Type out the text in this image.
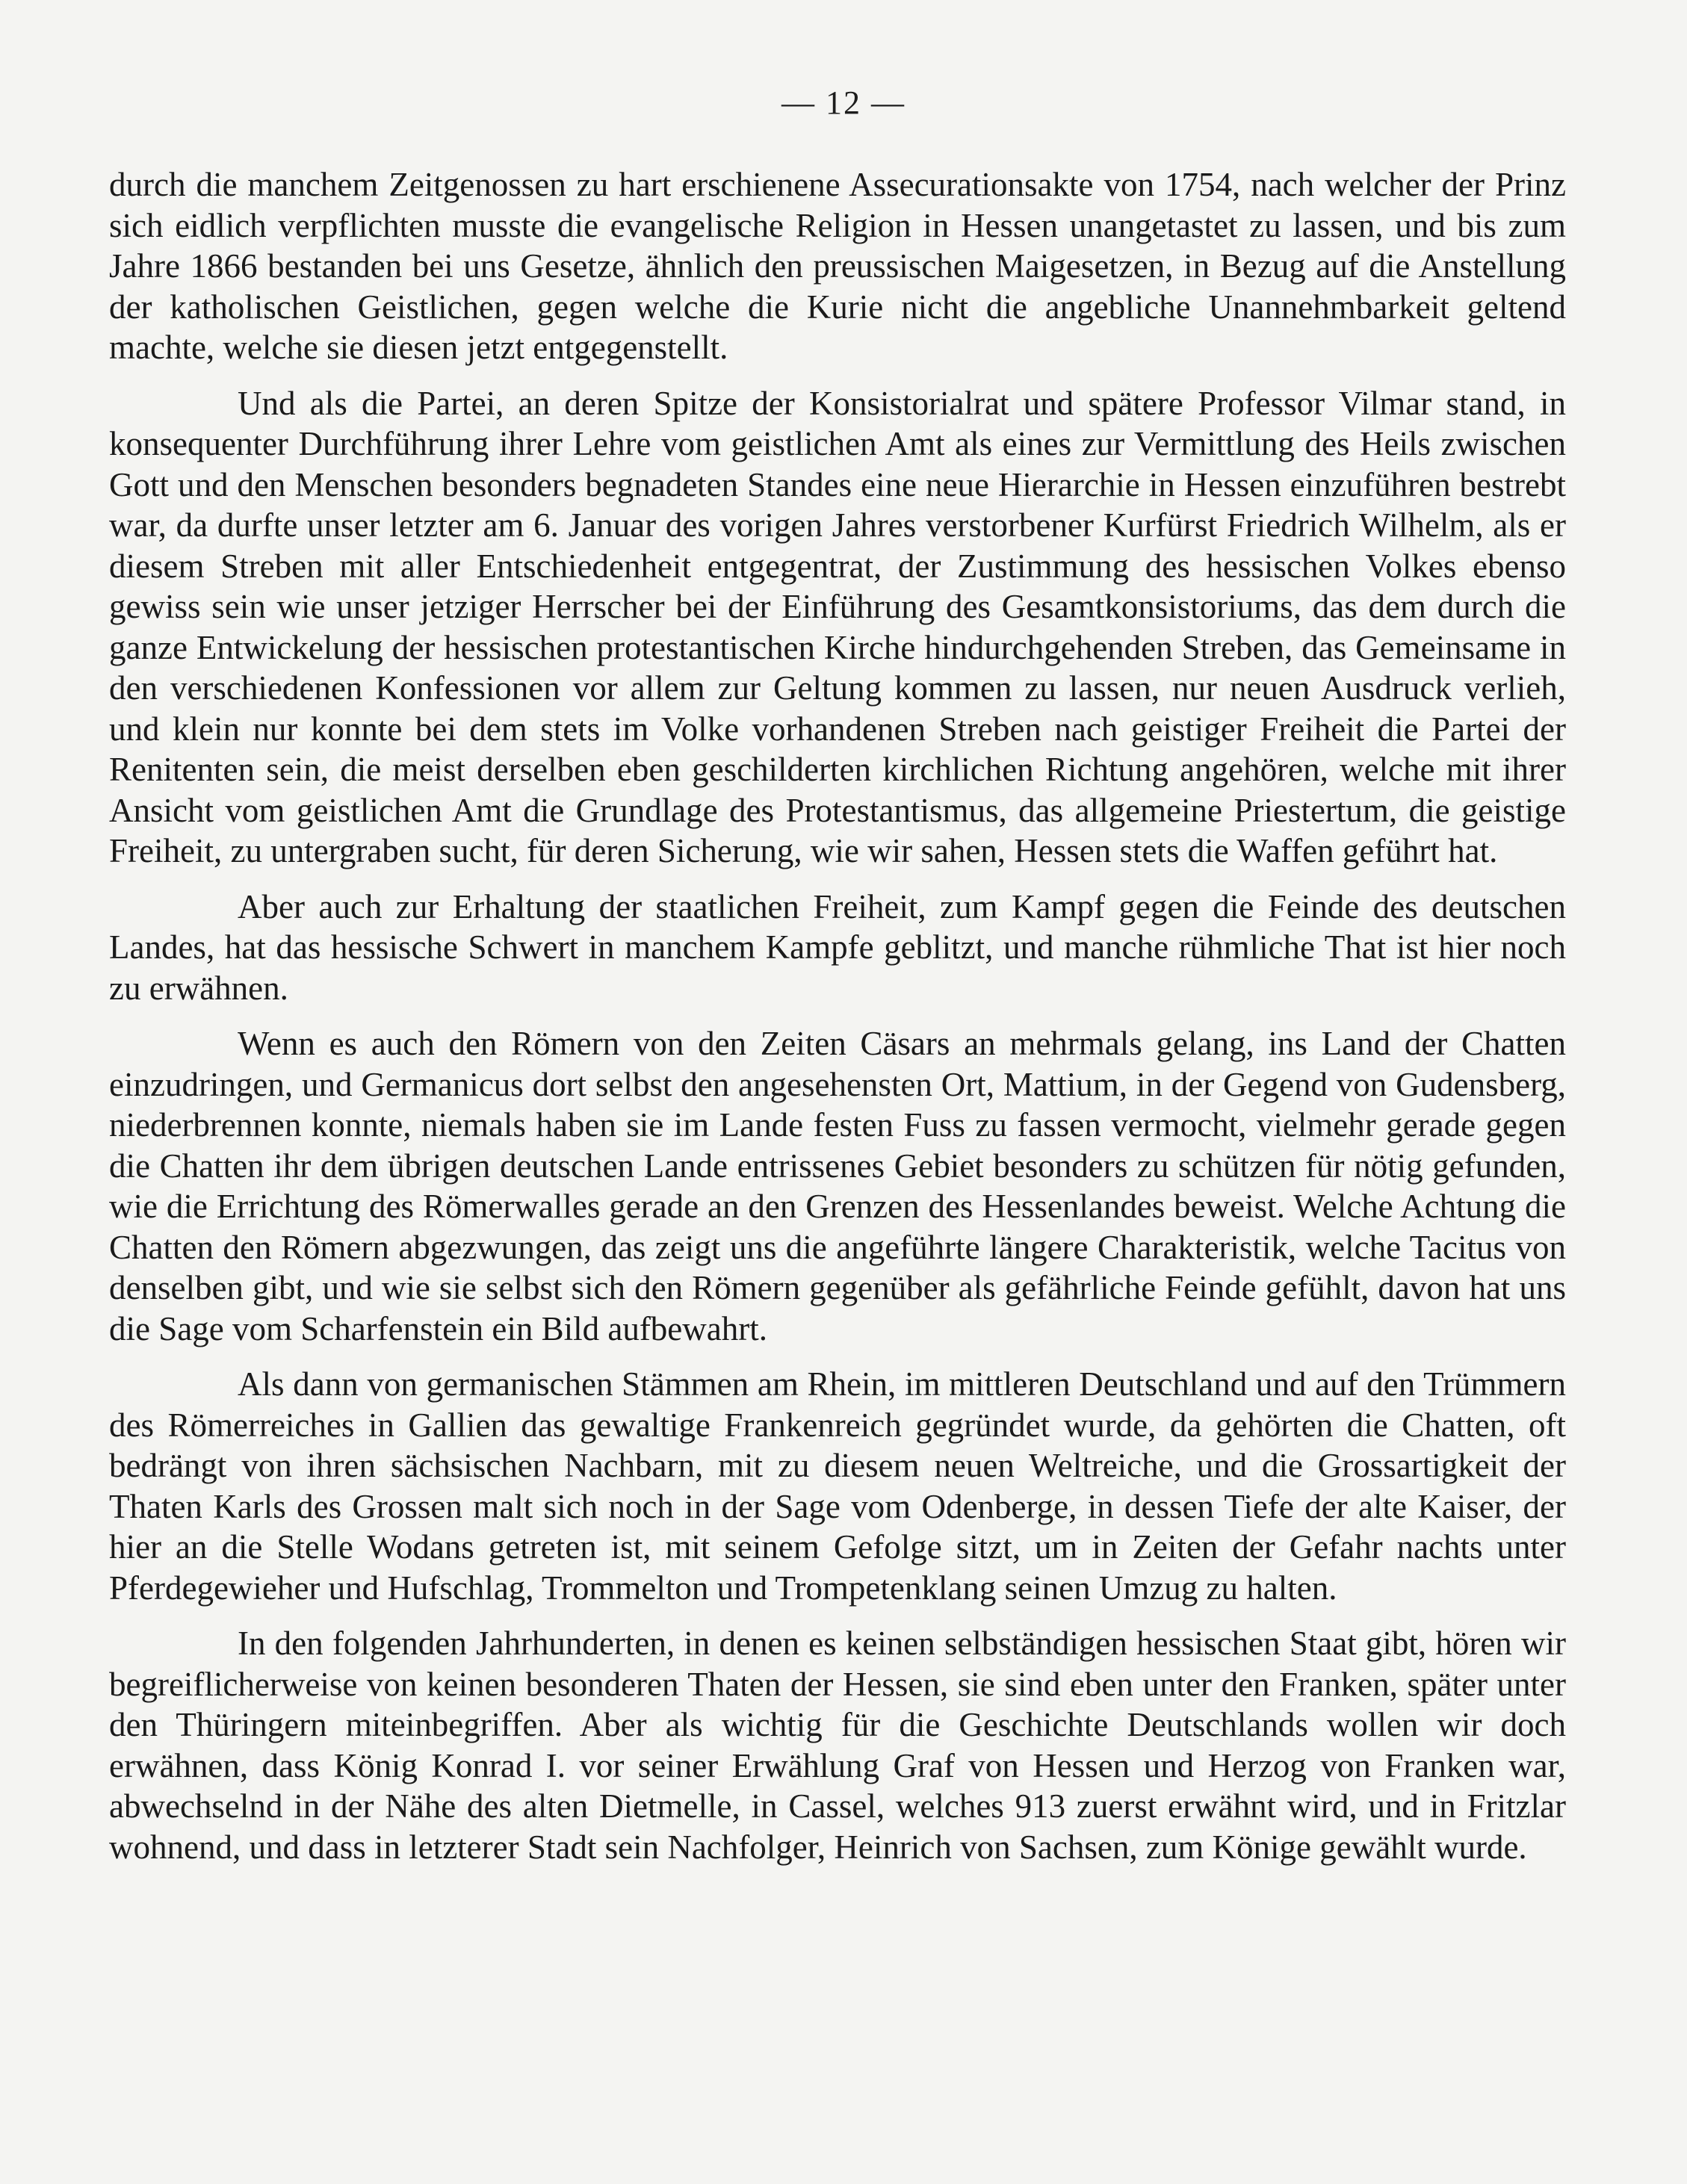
— 12 —

durch die manchem Zeitgenossen zu hart erschienene Assecurationsakte von 1754, nach welcher der Prinz sich eidlich verpflichten musste die evangelische Religion in Hessen unangetastet zu lassen, und bis zum Jahre 1866 bestanden bei uns Gesetze, ähnlich den preussischen Maigesetzen, in Bezug auf die Anstellung der katholischen Geistlichen, gegen welche die Kurie nicht die angebliche Unannehmbarkeit geltend machte, welche sie diesen jetzt entgegenstellt.

Und als die Partei, an deren Spitze der Konsistorialrat und spätere Professor Vilmar stand, in konsequenter Durchführung ihrer Lehre vom geistlichen Amt als eines zur Vermittlung des Heils zwischen Gott und den Menschen besonders begnadeten Standes eine neue Hierarchie in Hessen einzuführen bestrebt war, da durfte unser letzter am 6. Januar des vorigen Jahres verstorbener Kurfürst Friedrich Wilhelm, als er diesem Streben mit aller Entschiedenheit entgegentrat, der Zustimmung des hessischen Volkes ebenso gewiss sein wie unser jetziger Herrscher bei der Einführung des Gesamtkonsistoriums, das dem durch die ganze Entwickelung der hessischen protestantischen Kirche hindurchgehenden Streben, das Gemeinsame in den verschiedenen Konfessionen vor allem zur Geltung kommen zu lassen, nur neuen Ausdruck verlieh, und klein nur konnte bei dem stets im Volke vorhandenen Streben nach geistiger Freiheit die Partei der Renitenten sein, die meist derselben eben geschilderten kirchlichen Richtung angehören, welche mit ihrer Ansicht vom geistlichen Amt die Grundlage des Protestantismus, das allgemeine Priestertum, die geistige Freiheit, zu untergraben sucht, für deren Sicherung, wie wir sahen, Hessen stets die Waffen geführt hat.

Aber auch zur Erhaltung der staatlichen Freiheit, zum Kampf gegen die Feinde des deutschen Landes, hat das hessische Schwert in manchem Kampfe geblitzt, und manche rühmliche That ist hier noch zu erwähnen.

Wenn es auch den Römern von den Zeiten Cäsars an mehrmals gelang, ins Land der Chatten einzudringen, und Germanicus dort selbst den angesehensten Ort, Mattium, in der Gegend von Gudensberg, niederbrennen konnte, niemals haben sie im Lande festen Fuss zu fassen vermocht, vielmehr gerade gegen die Chatten ihr dem übrigen deutschen Lande entrissenes Gebiet besonders zu schützen für nötig gefunden, wie die Errichtung des Römerwalles gerade an den Grenzen des Hessenlandes beweist. Welche Achtung die Chatten den Römern abgezwungen, das zeigt uns die angeführte längere Charakteristik, welche Tacitus von denselben gibt, und wie sie selbst sich den Römern gegenüber als gefährliche Feinde gefühlt, davon hat uns die Sage vom Scharfenstein ein Bild aufbewahrt.

Als dann von germanischen Stämmen am Rhein, im mittleren Deutschland und auf den Trümmern des Römerreiches in Gallien das gewaltige Frankenreich gegründet wurde, da gehörten die Chatten, oft bedrängt von ihren sächsischen Nachbarn, mit zu diesem neuen Weltreiche, und die Grossartigkeit der Thaten Karls des Grossen malt sich noch in der Sage vom Odenberge, in dessen Tiefe der alte Kaiser, der hier an die Stelle Wodans getreten ist, mit seinem Gefolge sitzt, um in Zeiten der Gefahr nachts unter Pferdegewieher und Hufschlag, Trommelton und Trompetenklang seinen Umzug zu halten.

In den folgenden Jahrhunderten, in denen es keinen selbständigen hessischen Staat gibt, hören wir begreiflicherweise von keinen besonderen Thaten der Hessen, sie sind eben unter den Franken, später unter den Thüringern miteinbegriffen. Aber als wichtig für die Geschichte Deutschlands wollen wir doch erwähnen, dass König Konrad I. vor seiner Erwählung Graf von Hessen und Herzog von Franken war, abwechselnd in der Nähe des alten Dietmelle, in Cassel, welches 913 zuerst erwähnt wird, und in Fritzlar wohnend, und dass in letzterer Stadt sein Nachfolger, Heinrich von Sachsen, zum Könige gewählt wurde.
